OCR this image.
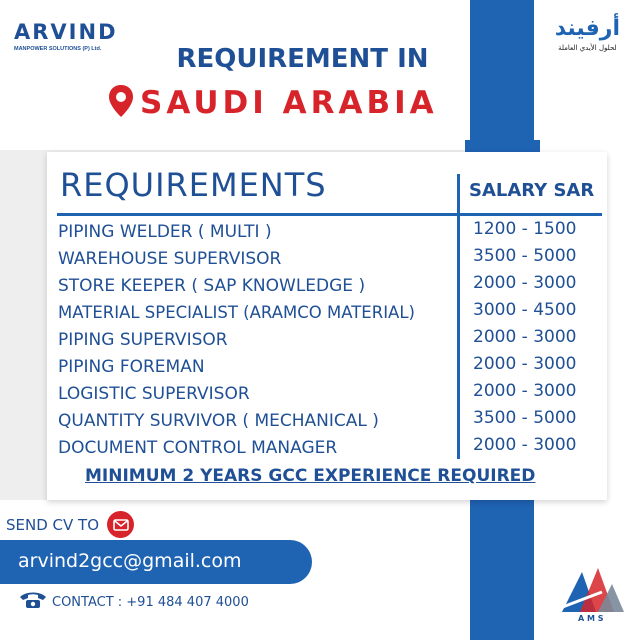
ARVIND
MANPOWER SOLUTIONS (P) Ltd.
أرفيند
لحلول الأيدي العاملة
REQUIREMENT IN
SAUDI ARABIA
REQUIREMENTS	SALARY SAR
PIPING WELDER ( MULTI )	1200 - 1500
WAREHOUSE SUPERVISOR	3500 - 5000
STORE KEEPER ( SAP KNOWLEDGE )	2000 - 3000
MATERIAL SPECIALIST (ARAMCO MATERIAL)	3000 - 4500
PIPING SUPERVISOR	2000 - 3000
PIPING FOREMAN	2000 - 3000
LOGISTIC SUPERVISOR	2000 - 3000
QUANTITY SURVIVOR ( MECHANICAL )	3500 - 5000
DOCUMENT CONTROL MANAGER	2000 - 3000
MINIMUM 2 YEARS GCC EXPERIENCE REQUIRED
SEND CV TO
arvind2gcc@gmail.com
CONTACT : +91 484 407 4000
A M S
